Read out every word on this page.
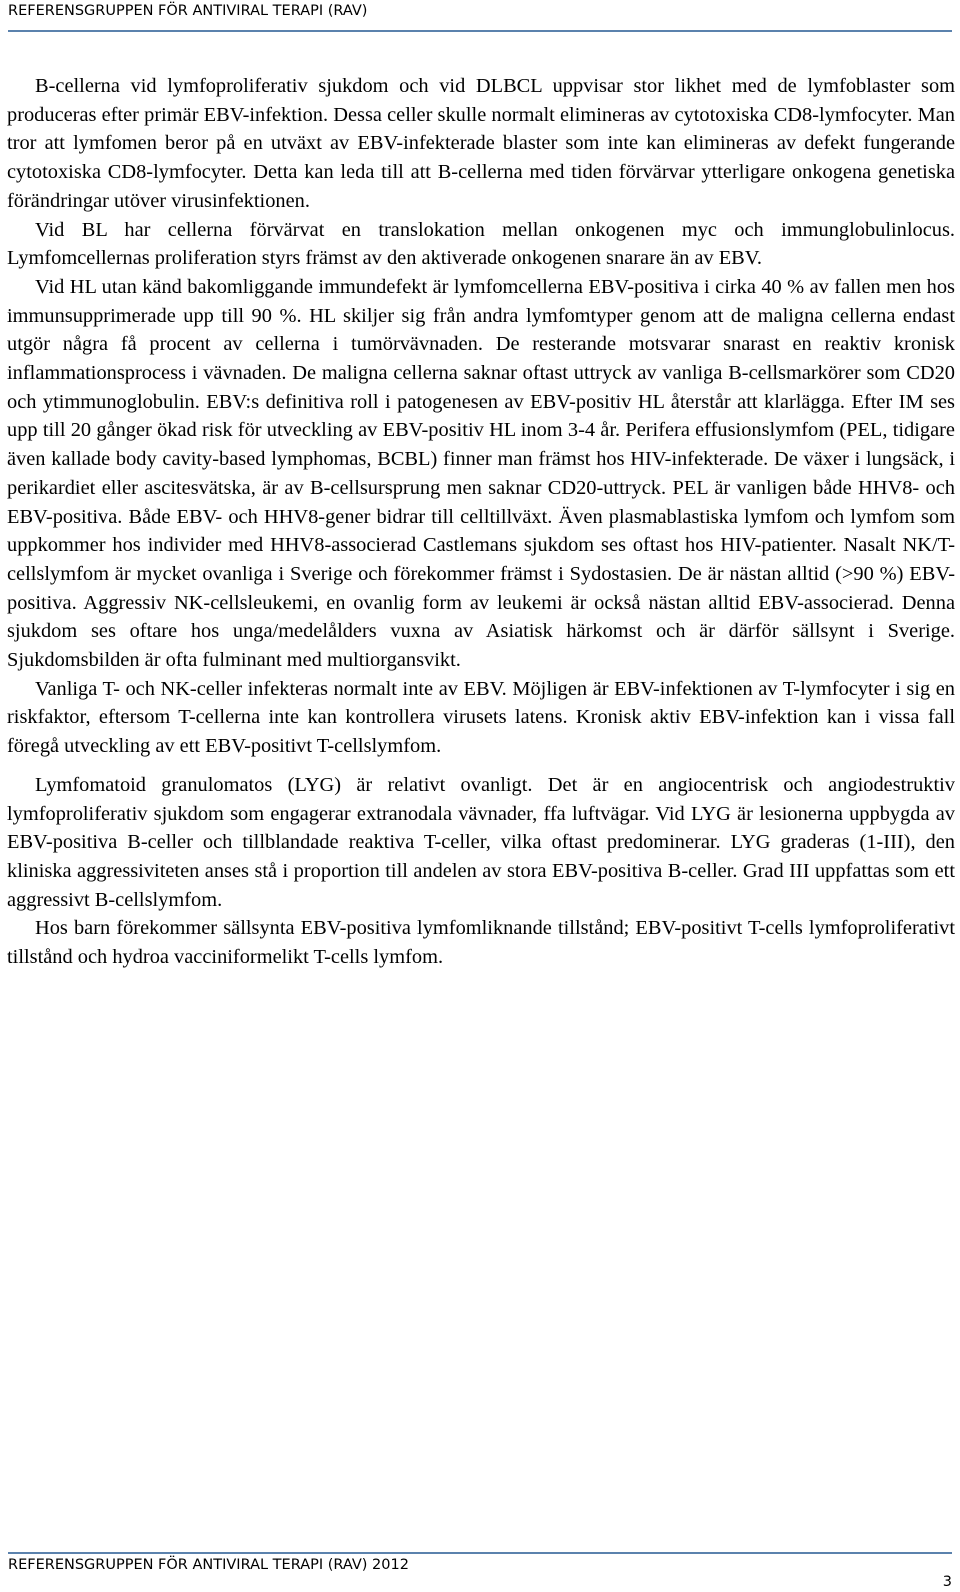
REFERENSGRUPPEN FÖR ANTIVIRAL TERAPI (RAV)

B-cellerna vid lymfoproliferativ sjukdom och vid DLBCL uppvisar stor likhet med de lymfoblaster som produceras efter primär EBV-infektion. Dessa celler skulle normalt elimineras av cytotoxiska CD8-lymfocyter. Man tror att lymfomen beror på en utväxt av EBV-infekterade blaster som inte kan elimineras av defekt fungerande cytotoxiska CD8-lymfocyter. Detta kan leda till att B-cellerna med tiden förvärvar ytterligare onkogena genetiska förändringar utöver virusinfektionen.

Vid BL har cellerna förvärvat en translokation mellan onkogenen myc och immunglobulinlocus. Lymfomcellernas proliferation styrs främst av den aktiverade onkogenen snarare än av EBV.

Vid HL utan känd bakomliggande immundefekt är lymfomcellerna EBV-positiva i cirka 40 % av fallen men hos immunsupprimerade upp till 90 %. HL skiljer sig från andra lymfomtyper genom att de maligna cellerna endast utgör några få procent av cellerna i tumörvävnaden. De resterande motsvarar snarast en reaktiv kronisk inflammationsprocess i vävnaden. De maligna cellerna saknar oftast uttryck av vanliga B-cellsmarkörer som CD20 och ytimmunoglobulin. EBV:s definitiva roll i patogenesen av EBV-positiv HL återstår att klarlägga. Efter IM ses upp till 20 gånger ökad risk för utveckling av EBV-positiv HL inom 3-4 år. Perifera effusionslymfom (PEL, tidigare även kallade body cavity-based lymphomas, BCBL) finner man främst hos HIV-infekterade. De växer i lungsäck, i perikardiet eller ascitesvätska, är av B-cellsursprung men saknar CD20-uttryck. PEL är vanligen både HHV8- och EBV-positiva. Både EBV- och HHV8-gener bidrar till celltillväxt. Även plasmablastiska lymfom och lymfom som uppkommer hos individer med HHV8-associerad Castlemans sjukdom ses oftast hos HIV-patienter. Nasalt NK/T- cellslymfom är mycket ovanliga i Sverige och förekommer främst i Sydostasien. De är nästan alltid (>90 %) EBV-positiva. Aggressiv NK-cellsleukemi, en ovanlig form av leukemi är också nästan alltid EBV-associerad. Denna sjukdom ses oftare hos unga/medelålders vuxna av Asiatisk härkomst och är därför sällsynt i Sverige. Sjukdomsbilden är ofta fulminant med multiorgansvikt.

Vanliga T- och NK-celler infekteras normalt inte av EBV. Möjligen är EBV-infektionen av T-lymfocyter i sig en riskfaktor, eftersom T-cellerna inte kan kontrollera virusets latens. Kronisk aktiv EBV-infektion kan i vissa fall föregå utveckling av ett EBV-positivt T-cellslymfom.

Lymfomatoid granulomatos (LYG) är relativt ovanligt. Det är en angiocentrisk och angiodestruktiv lymfoproliferativ sjukdom som engagerar extranodala vävnader, ffa luftvägar. Vid LYG är lesionerna uppbygda av EBV-positiva B-celler och tillblandade reaktiva T-celler, vilka oftast predominerar. LYG graderas (1-III), den kliniska aggressiviteten anses stå i proportion till andelen av stora EBV-positiva B-celler. Grad III uppfattas som ett aggressivt B-cellslymfom.

Hos barn förekommer sällsynta EBV-positiva lymfomliknande tillstånd; EBV-positivt T-cells lymfoproliferativt tillstånd och hydroa vacciniformelikt T-cells lymfom.

REFERENSGRUPPEN FÖR ANTIVIRAL TERAPI (RAV) 2012
3
